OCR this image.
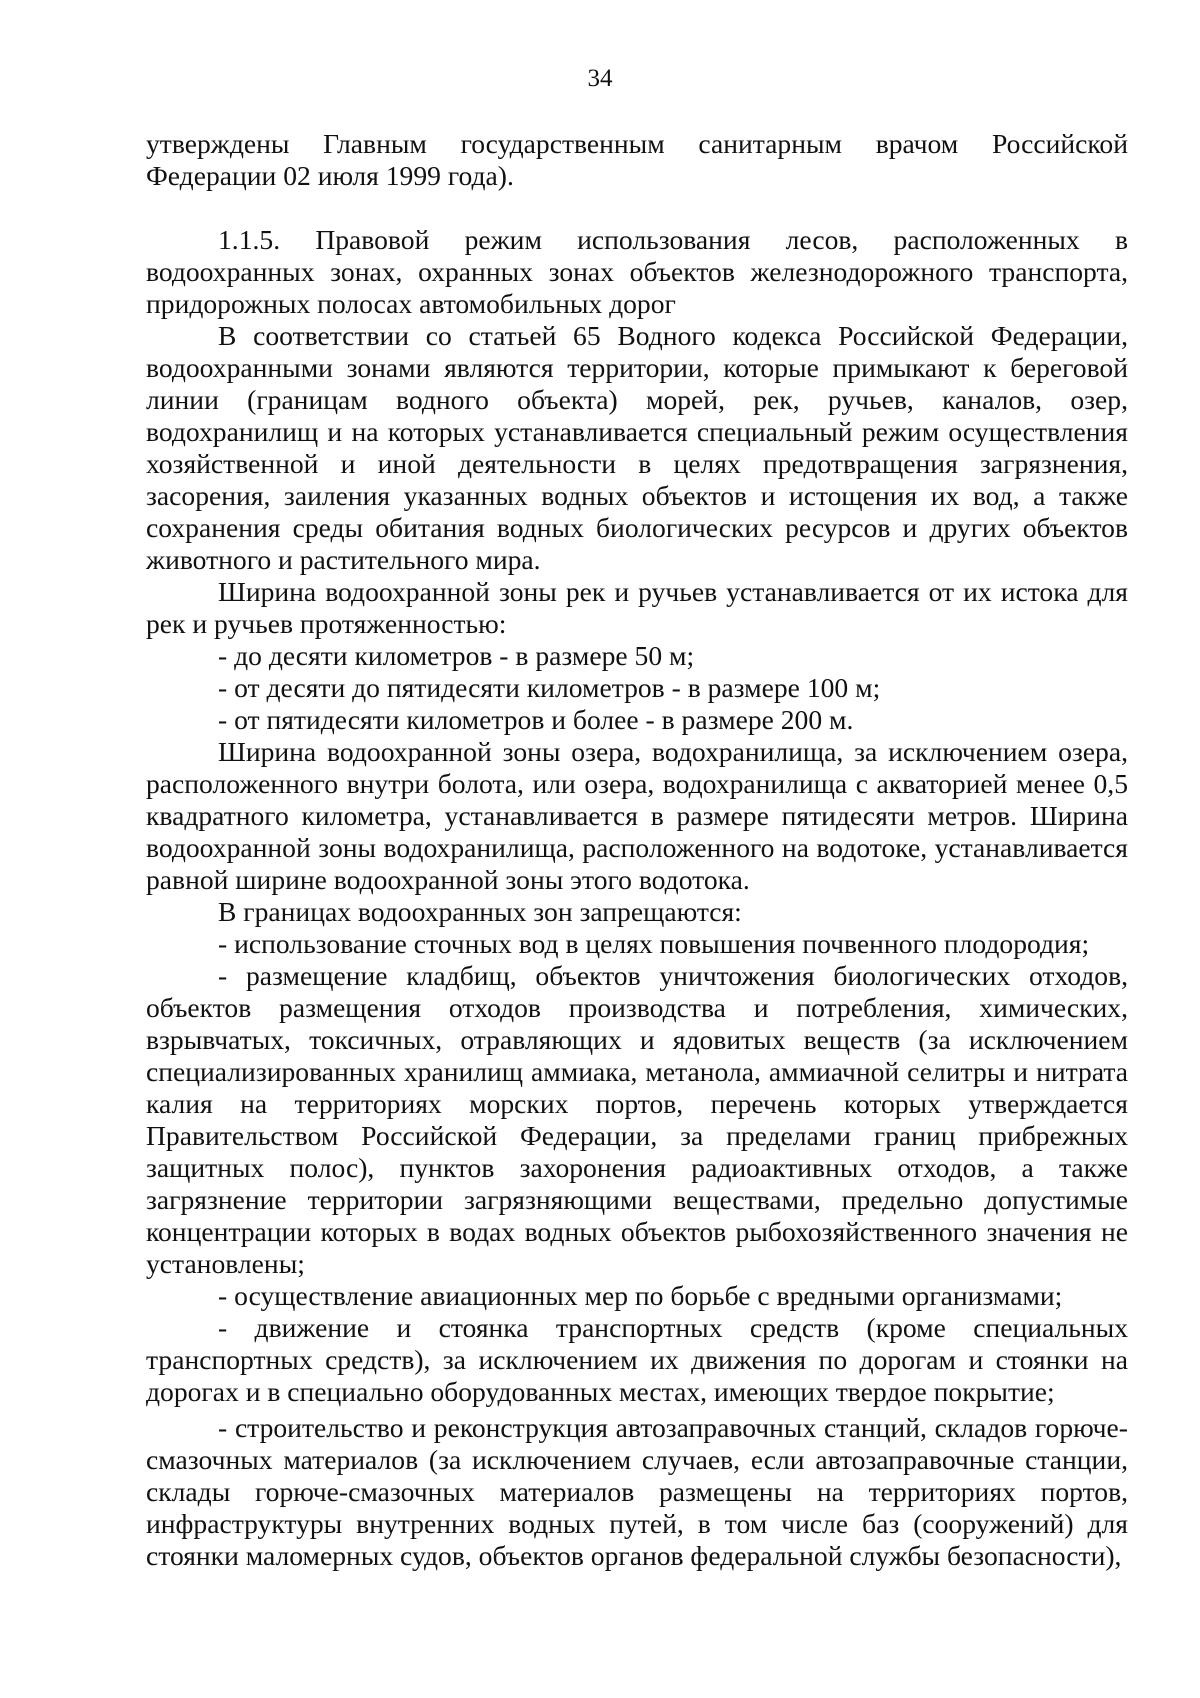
34

утверждены Главным государственным санитарным врачом Российской Федерации 02 июля 1999 года).

1.1.5. Правовой режим использования лесов, расположенных в водоохранных зонах, охранных зонах объектов железнодорожного транспорта, придорожных полосах автомобильных дорог

В соответствии со статьей 65 Водного кодекса Российской Федерации, водоохранными зонами являются территории, которые примыкают к береговой линии (границам водного объекта) морей, рек, ручьев, каналов, озер, водохранилищ и на которых устанавливается специальный режим осуществления хозяйственной и иной деятельности в целях предотвращения загрязнения, засорения, заиления указанных водных объектов и истощения их вод, а также сохранения среды обитания водных биологических ресурсов и других объектов животного и растительного мира.

Ширина водоохранной зоны рек и ручьев устанавливается от их истока для рек и ручьев протяженностью:

- до десяти километров - в размере 50 м;

- от десяти до пятидесяти километров - в размере 100 м;

- от пятидесяти километров и более - в размере 200 м.

Ширина водоохранной зоны озера, водохранилища, за исключением озера, расположенного внутри болота, или озера, водохранилища с акваторией менее 0,5 квадратного километра, устанавливается в размере пятидесяти метров. Ширина водоохранной зоны водохранилища, расположенного на водотоке, устанавливается равной ширине водоохранной зоны этого водотока.

В границах водоохранных зон запрещаются:

- использование сточных вод в целях повышения почвенного плодородия;

- размещение кладбищ, объектов уничтожения биологических отходов, объектов размещения отходов производства и потребления, химических, взрывчатых, токсичных, отравляющих и ядовитых веществ (за исключением специализированных хранилищ аммиака, метанола, аммиачной селитры и нитрата калия на территориях морских портов, перечень которых утверждается Правительством Российской Федерации, за пределами границ прибрежных защитных полос), пунктов захоронения радиоактивных отходов, а также загрязнение территории загрязняющими веществами, предельно допустимые концентрации которых в водах водных объектов рыбохозяйственного значения не установлены;

- осуществление авиационных мер по борьбе с вредными организмами;

- движение и стоянка транспортных средств (кроме специальных транспортных средств), за исключением их движения по дорогам и стоянки на дорогах и в специально оборудованных местах, имеющих твердое покрытие;

- строительство и реконструкция автозаправочных станций, складов горюче-смазочных материалов (за исключением случаев, если автозаправочные станции, склады горюче-смазочных материалов размещены на территориях портов, инфраструктуры внутренних водных путей, в том числе баз (сооружений) для стоянки маломерных судов, объектов органов федеральной службы безопасности),
